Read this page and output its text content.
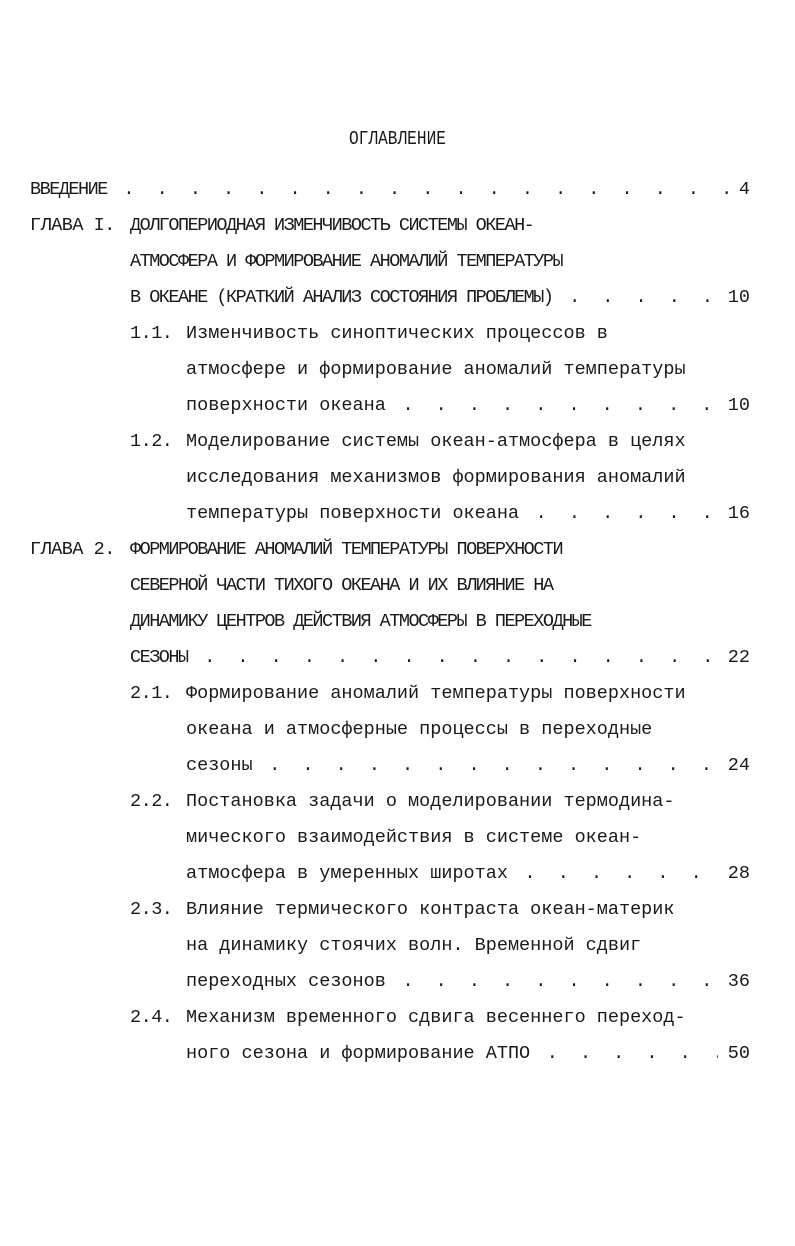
ОГЛАВЛЕНИЕ
ВВЕДЕНИЕ . . .	4
ГЛАВА I. ДОЛГОПЕРИОДНАЯ ИЗМЕНЧИВОСТЬ СИСТЕМЫ ОКЕАН-
АТМОСФЕРА И ФОРМИРОВАНИЕ АНОМАЛИЙ ТЕМПЕРАТУРЫ
В ОКЕАНЕ (КРАТКИЙ АНАЛИЗ СОСТОЯНИЯ ПРОБЛЕМЫ) . . .	10
1.1. Изменчивость синоптических процессов в
атмосфере и формирование аномалий температуры
поверхности океана . . .	10
1.2. Моделирование системы океан-атмосфера в целях
исследования механизмов формирования аномалий
температуры поверхности океана . . .	16
ГЛАВА 2. ФОРМИРОВАНИЕ АНОМАЛИЙ ТЕМПЕРАТУРЫ ПОВЕРХНОСТИ
СЕВЕРНОЙ ЧАСТИ ТИХОГО ОКЕАНА И ИХ ВЛИЯНИЕ НА
ДИНАМИКУ ЦЕНТРОВ ДЕЙСТВИЯ АТМОСФЕРЫ В ПЕРЕХОДНЫЕ
СЕЗОНЫ . . .	22
2.1. Формирование аномалий температуры поверхности
океана и атмосферные процессы в переходные
сезоны . . .	24
2.2. Постановка задачи о моделировании термодина-
мического взаимодействия в системе океан-
атмосфера в умеренных широтах . . .	28
2.3. Влияние термического контраста океан-материк
на динамику стоячих волн. Временной сдвиг
переходных сезонов . . .	36
2.4. Механизм временного сдвига весеннего переход-
ного сезона и формирование АТПО . . .	50
